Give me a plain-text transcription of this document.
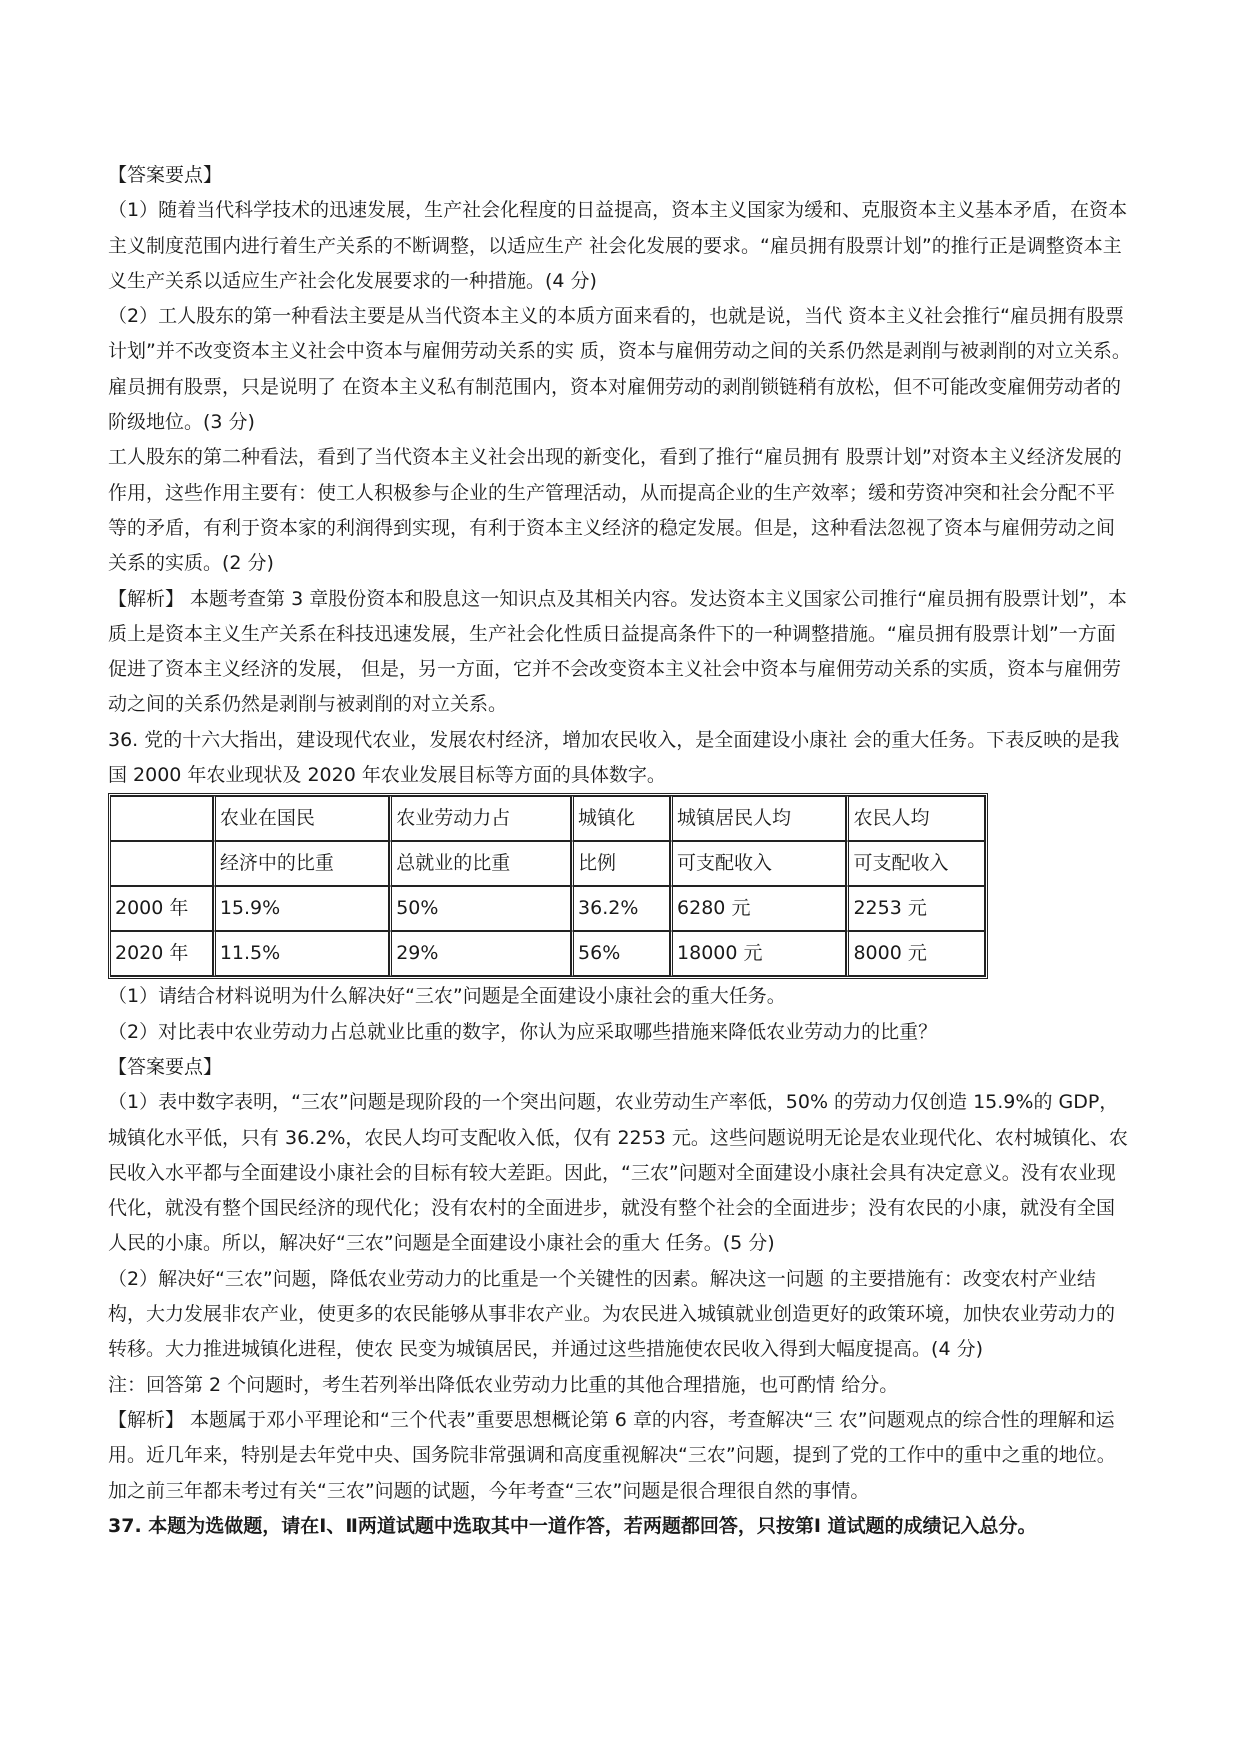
【答案要点】

（1）随着当代科学技术的迅速发展，生产社会化程度的日益提高，资本主义国家为缓和、克服资本主义基本矛盾，在资本主义制度范围内进行着生产关系的不断调整，以适应生产 社会化发展的要求。“雇员拥有股票计划”的推行正是调整资本主义生产关系以适应生产社会化发展要求的一种措施。(4 分)

（2）工人股东的第一种看法主要是从当代资本主义的本质方面来看的，也就是说，当代 资本主义社会推行“雇员拥有股票计划”并不改变资本主义社会中资本与雇佣劳动关系的实 质，资本与雇佣劳动之间的关系仍然是剥削与被剥削的对立关系。雇员拥有股票，只是说明了 在资本主义私有制范围内，资本对雇佣劳动的剥削锁链稍有放松，但不可能改变雇佣劳动者的 阶级地位。(3 分)

工人股东的第二种看法，看到了当代资本主义社会出现的新变化，看到了推行“雇员拥有 股票计划”对资本主义经济发展的作用，这些作用主要有：使工人积极参与企业的生产管理活动，从而提高企业的生产效率；缓和劳资冲突和社会分配不平等的矛盾，有利于资本家的利润得到实现，有利于资本主义经济的稳定发展。但是，这种看法忽视了资本与雇佣劳动之间关系的实质。(2 分)

【解析】 本题考查第 3 章股份资本和股息这一知识点及其相关内容。发达资本主义国家公司推行“雇员拥有股票计划”，本质上是资本主义生产关系在科技迅速发展，生产社会化性质日益提高条件下的一种调整措施。“雇员拥有股票计划”一方面促进了资本主义经济的发展， 但是，另一方面，它并不会改变资本主义社会中资本与雇佣劳动关系的实质，资本与雇佣劳动之间的关系仍然是剥削与被剥削的对立关系。

36. 党的十六大指出，建设现代农业，发展农村经济，增加农民收入，是全面建设小康社 会的重大任务。下表反映的是我国 2000 年农业现状及 2020 年农业发展目标等方面的具体数字。

	农业在国民	农业劳动力占	城镇化	城镇居民人均	农民人均
	经济中的比重	总就业的比重	比例	可支配收入	可支配收入
2000 年	15.9%	50%	36.2%	6280 元	2253 元
2020 年	11.5%	29%	56%	18000 元	8000 元

（1）请结合材料说明为什么解决好“三农”问题是全面建设小康社会的重大任务。

（2）对比表中农业劳动力占总就业比重的数字，你认为应采取哪些措施来降低农业劳动力的比重？

【答案要点】

（1）表中数字表明，“三农”问题是现阶段的一个突出问题，农业劳动生产率低，50% 的劳动力仅创造 15.9%的 GDP，城镇化水平低，只有 36.2%，农民人均可支配收入低，仅有 2253 元。这些问题说明无论是农业现代化、农村城镇化、农民收入水平都与全面建设小康社会的目标有较大差距。因此，“三农”问题对全面建设小康社会具有决定意义。没有农业现代化，就没有整个国民经济的现代化；没有农村的全面进步，就没有整个社会的全面进步；没有农民的小康，就没有全国人民的小康。所以，解决好“三农”问题是全面建设小康社会的重大 任务。(5 分)

（2）解决好“三农”问题，降低农业劳动力的比重是一个关键性的因素。解决这一问题 的主要措施有：改变农村产业结构，大力发展非农产业，使更多的农民能够从事非农产业。为农民进入城镇就业创造更好的政策环境，加快农业劳动力的转移。大力推进城镇化进程，使农 民变为城镇居民，并通过这些措施使农民收入得到大幅度提高。(4 分)

注：回答第 2 个问题时，考生若列举出降低农业劳动力比重的其他合理措施，也可酌情 给分。

【解析】 本题属于邓小平理论和“三个代表”重要思想概论第 6 章的内容，考查解决“三 农”问题观点的综合性的理解和运用。近几年来，特别是去年党中央、国务院非常强调和高度重视解决“三农”问题，提到了党的工作中的重中之重的地位。加之前三年都未考过有关“三农”问题的试题，今年考查“三农”问题是很合理很自然的事情。

37. 本题为选做题，请在Ⅰ、Ⅱ两道试题中选取其中一道作答，若两题都回答，只按第Ⅰ 道试题的成绩记入总分。
